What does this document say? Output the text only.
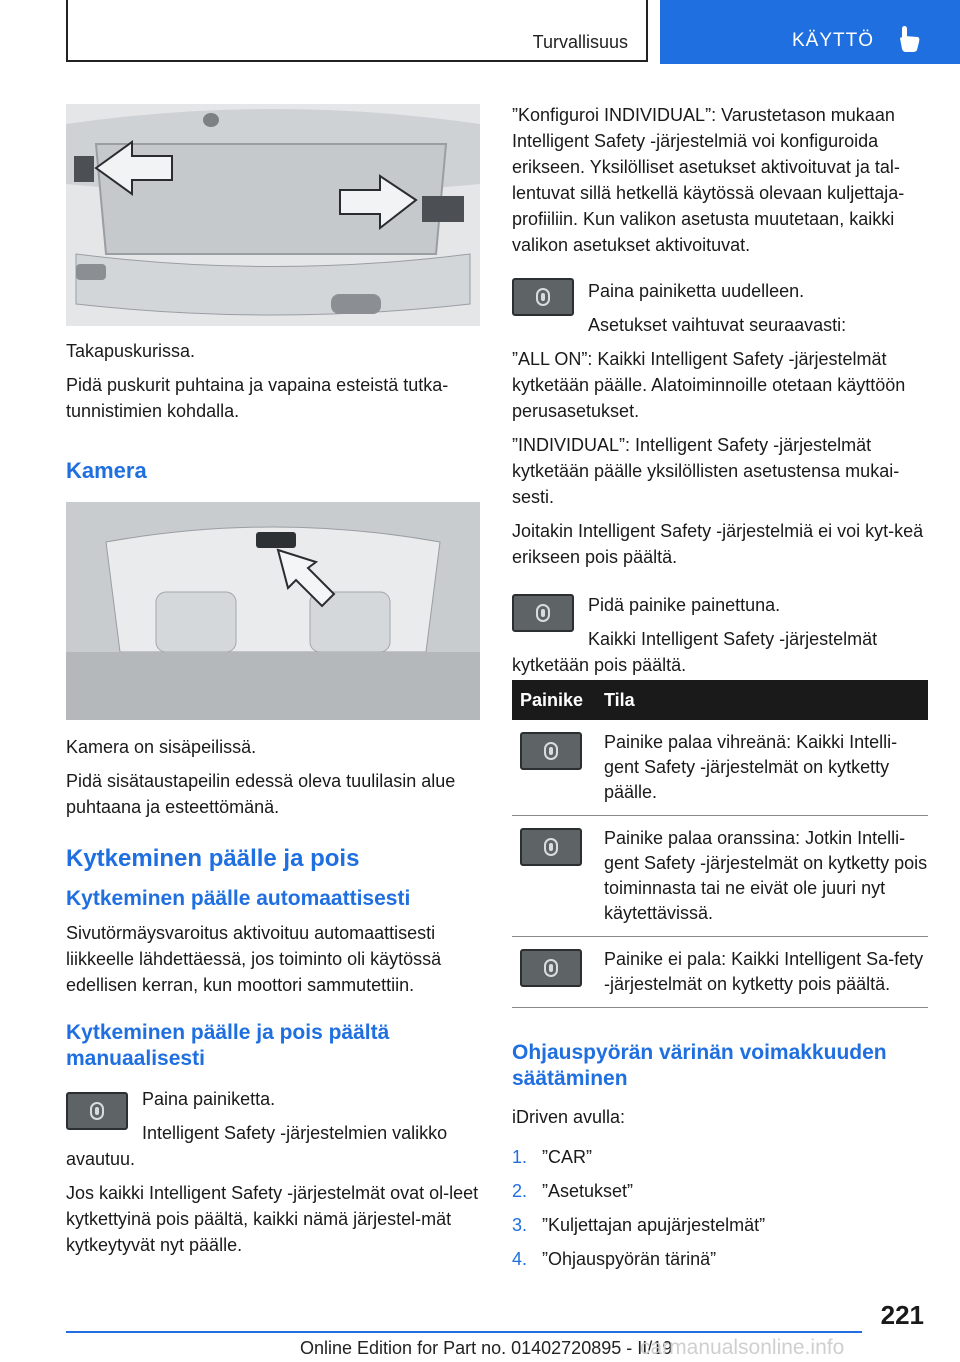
Turvallisuus	KÄYTTÖ

Takapuskurissa.

Pidä puskurit puhtaina ja vapaina esteistä tutka-tunnistimien kohdalla.

Kamera

Kamera on sisäpeilissä.

Pidä sisätaustapeilin edessä oleva tuulilasin alue puhtaana ja esteettömänä.

Kytkeminen päälle ja pois

Kytkeminen päälle automaattisesti

Sivutörmäysvaroitus aktivoituu automaattisesti liikkeelle lähdettäessä, jos toiminto oli käytössä edellisen kerran, kun moottori sammutettiin.

Kytkeminen päälle ja pois päältä manuaalisesti

Paina painiketta.

Intelligent Safety -järjestelmien valikko avautuu.

Jos kaikki Intelligent Safety -järjestelmät ovat ol-leet kytkettyinä pois päältä, kaikki nämä järjestel-mät kytkeytyvät nyt päälle.

”Konfiguroi INDIVIDUAL”: Varustetason mukaan Intelligent Safety -järjestelmiä voi konfiguroida erikseen. Yksilölliset asetukset aktivoituvat ja tal-lentuvat sillä hetkellä käytössä olevaan kuljettaja-profiiliin. Kun valikon asetusta muutetaan, kaikki valikon asetukset aktivoituvat.

Paina painiketta uudelleen.

Asetukset vaihtuvat seuraavasti:

”ALL ON”: Kaikki Intelligent Safety -järjestelmät kytketään päälle. Alatoiminnoille otetaan käyttöön perusasetukset.

”INDIVIDUAL”: Intelligent Safety -järjestelmät kytketään päälle yksilöllisten asetustensa mukai-sesti.

Joitakin Intelligent Safety -järjestelmiä ei voi kyt-keä erikseen pois päältä.

Pidä painike painettuna.

Kaikki Intelligent Safety -järjestelmät kytketään pois päältä.

Painike Tila
Painike palaa vihreänä: Kaikki Intelli-gent Safety -järjestelmät on kytketty päälle.
Painike palaa oranssina: Jotkin Intelli-gent Safety -järjestelmät on kytketty pois toiminnasta tai ne eivät ole juuri nyt käytettävissä.
Painike ei pala: Kaikki Intelligent Sa-fety -järjestelmät on kytketty pois päältä.

Ohjauspyörän värinän voimakkuuden säätäminen

iDriven avulla:

1. ”CAR”
2. ”Asetukset”
3. ”Kuljettajan apujärjestelmät”
4. ”Ohjauspyörän tärinä”
221
Online Edition for Part no. 01402720895 - II/19
carmanualsonline.info
